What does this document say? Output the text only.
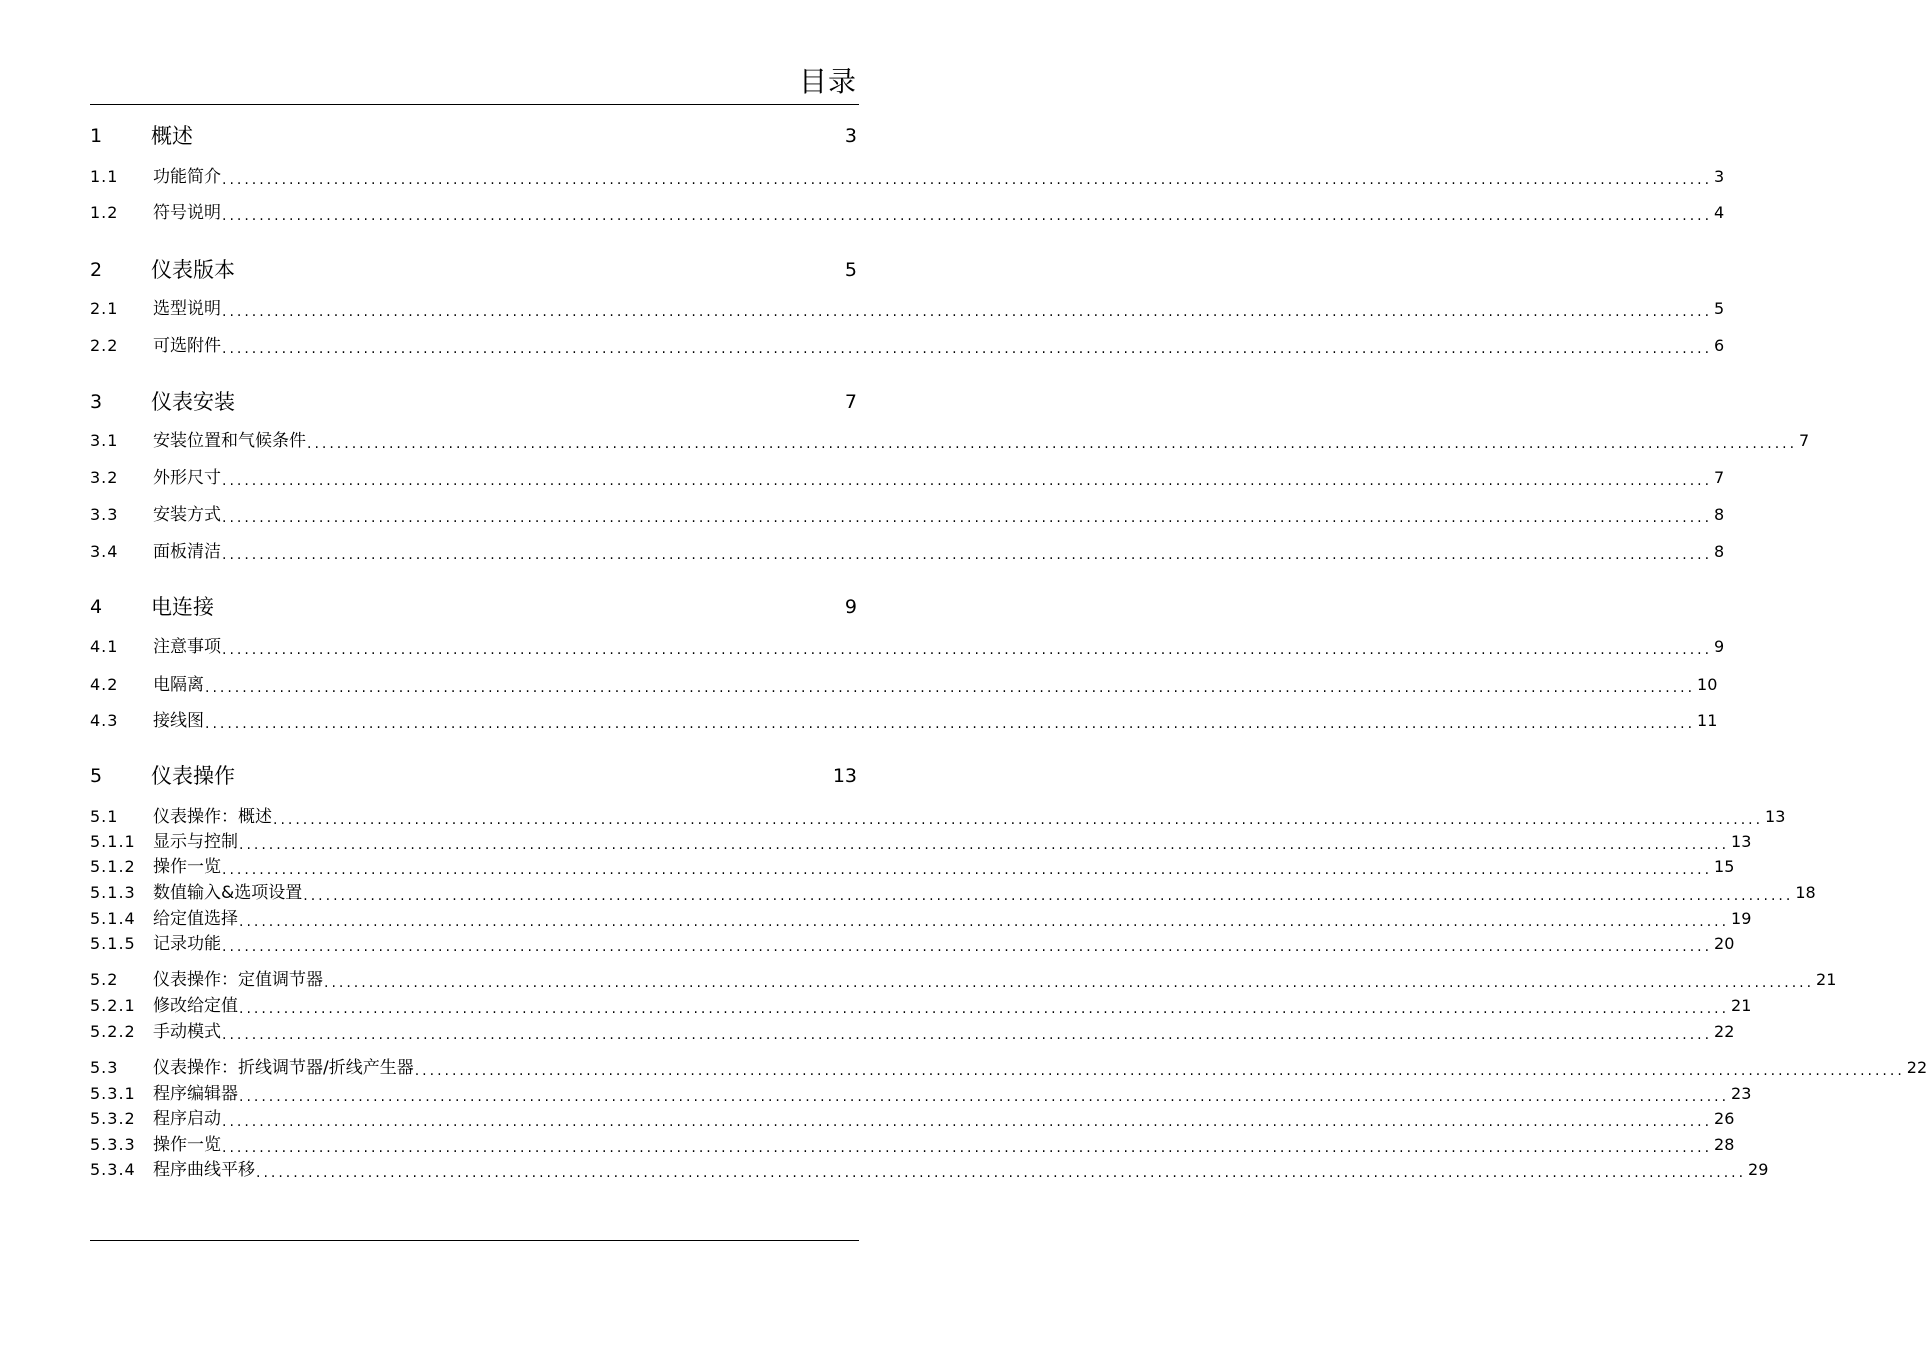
目录
1	概述	3
1.1	功能简介 ........................................................................................................................................................................................................ 3
1.2	符号说明 ........................................................................................................................................................................................................ 4
2	仪表版本	5
2.1	选型说明 ........................................................................................................................................................................................................ 5
2.2	可选附件 ........................................................................................................................................................................................................ 6
3	仪表安装	7
3.1	安装位置和气候条件 ........................................................................................................................................................................................................ 7
3.2	外形尺寸 ........................................................................................................................................................................................................ 7
3.3	安装方式 ........................................................................................................................................................................................................ 8
3.4	面板清洁 ........................................................................................................................................................................................................ 8
4	电连接	9
4.1	注意事项 ........................................................................................................................................................................................................ 9
4.2	电隔离 ........................................................................................................................................................................................................ 10
4.3	接线图 ........................................................................................................................................................................................................ 11
5	仪表操作	13
5.1	仪表操作：概述 ........................................................................................................................................................................................................ 13
5.1.1	显示与控制 ........................................................................................................................................................................................................ 13
5.1.2	操作一览 ........................................................................................................................................................................................................ 15
5.1.3	数值输入&选项设置 ........................................................................................................................................................................................................ 18
5.1.4	给定值选择 ........................................................................................................................................................................................................ 19
5.1.5	记录功能 ........................................................................................................................................................................................................ 20
5.2	仪表操作：定值调节器 ........................................................................................................................................................................................................ 21
5.2.1	修改给定值 ........................................................................................................................................................................................................ 21
5.2.2	手动模式 ........................................................................................................................................................................................................ 22
5.3	仪表操作：折线调节器/折线产生器 ........................................................................................................................................................................................................ 22
5.3.1	程序编辑器 ........................................................................................................................................................................................................ 23
5.3.2	程序启动 ........................................................................................................................................................................................................ 26
5.3.3	操作一览 ........................................................................................................................................................................................................ 28
5.3.4	程序曲线平移 ........................................................................................................................................................................................................ 29
